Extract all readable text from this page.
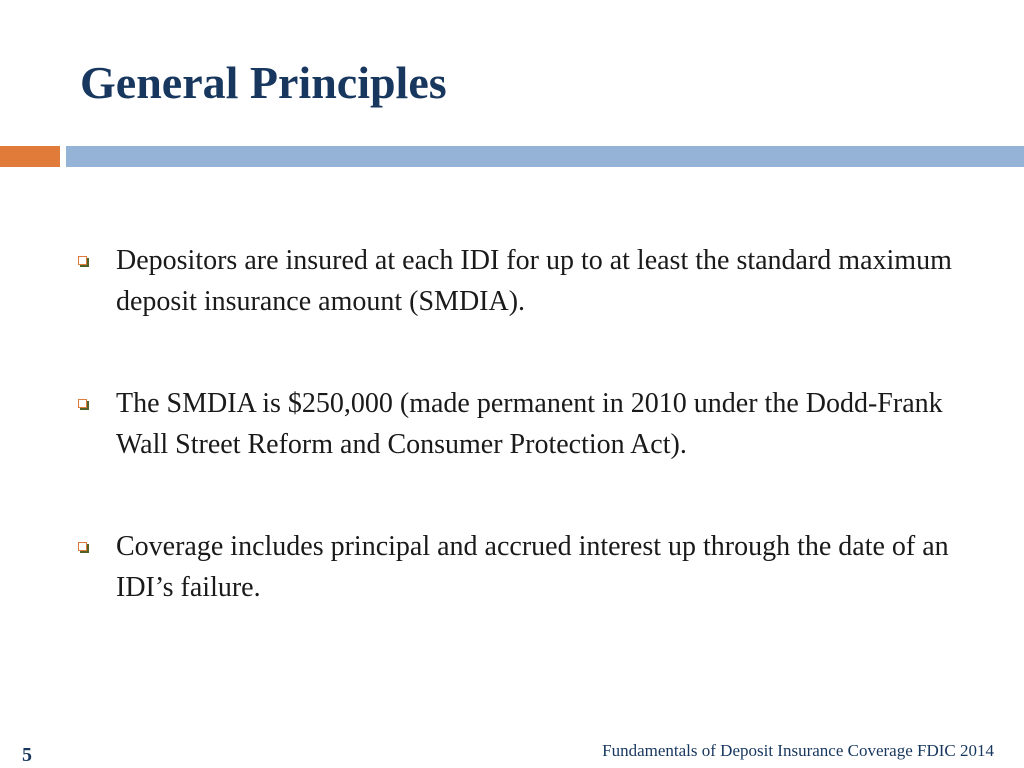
General Principles
Depositors are insured at each IDI for up to at least the standard maximum deposit insurance amount (SMDIA).
The SMDIA is $250,000 (made permanent in 2010 under the Dodd-Frank Wall Street Reform and Consumer Protection Act).
Coverage includes principal and accrued interest up through the date of an IDI’s failure.
5	Fundamentals of Deposit Insurance Coverage FDIC 2014
